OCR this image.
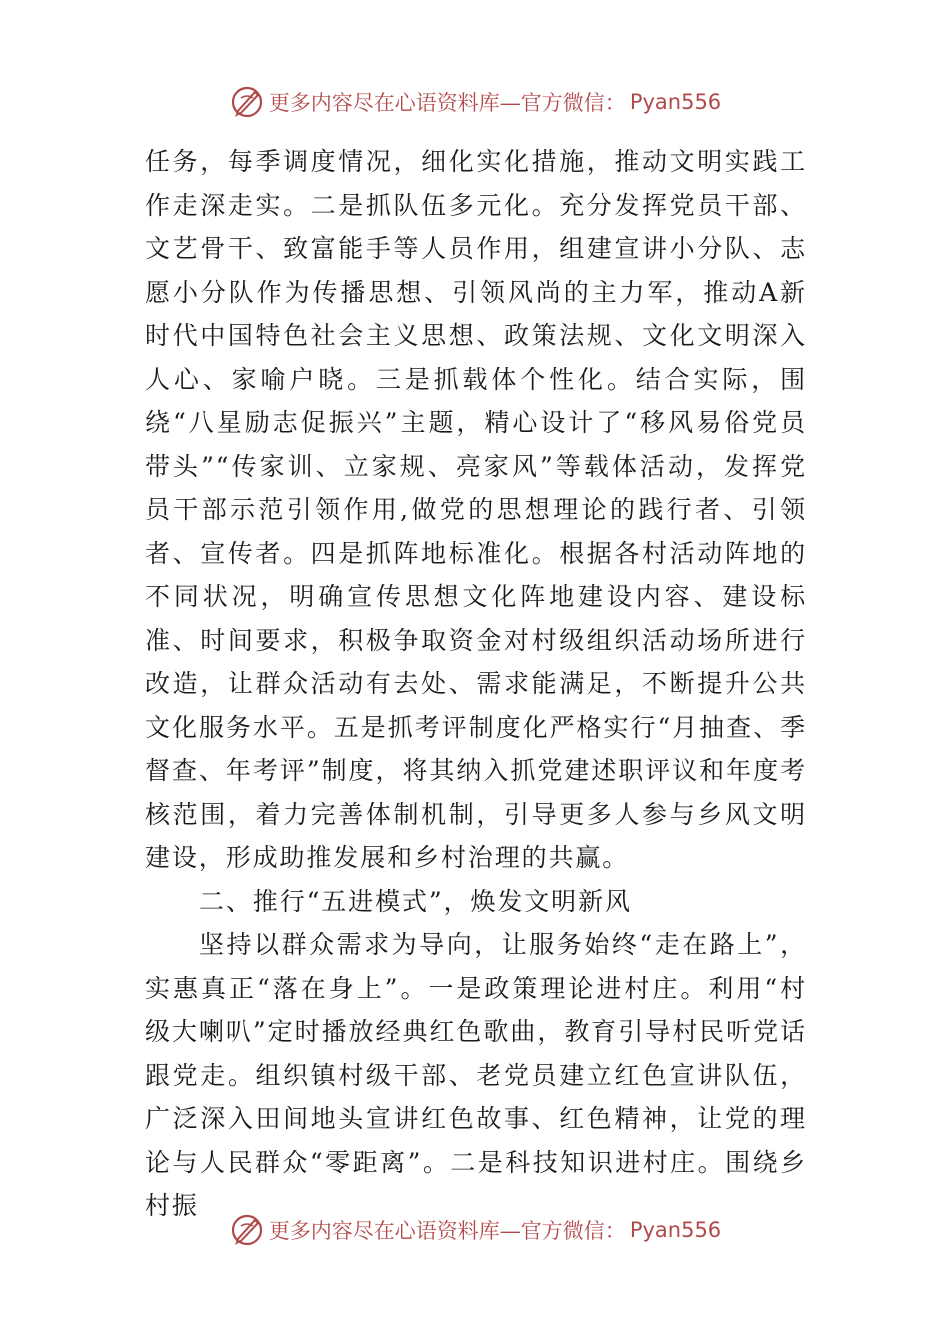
更多内容尽在心语资料库—官方微信： Pyan556

任务，每季调度情况，细化实化措施，推动文明实践工作走深走实。二是抓队伍多元化。充分发挥党员干部、文艺骨干、致富能手等人员作用，组建宣讲小分队、志愿小分队作为传播思想、引领风尚的主力军，推动A新时代中国特色社会主义思想、政策法规、文化文明深入人心、家喻户晓。三是抓载体个性化。结合实际，围绕“八星励志促振兴”主题，精心设计了“移风易俗党员带头”“传家训、立家规、亮家风”等载体活动，发挥党员干部示范引领作用,做党的思想理论的践行者、引领者、宣传者。四是抓阵地标准化。根据各村活动阵地的不同状况，明确宣传思想文化阵地建设内容、建设标准、时间要求，积极争取资金对村级组织活动场所进行改造，让群众活动有去处、需求能满足，不断提升公共文化服务水平。五是抓考评制度化严格实行“月抽查、季督查、年考评”制度，将其纳入抓党建述职评议和年度考核范围，着力完善体制机制，引导更多人参与乡风文明建设，形成助推发展和乡村治理的共赢。

二、推行“五进模式”，焕发文明新风

坚持以群众需求为导向，让服务始终“走在路上”，实惠真正“落在身上”。一是政策理论进村庄。利用“村级大喇叭”定时播放经典红色歌曲，教育引导村民听党话跟党走。组织镇村级干部、老党员建立红色宣讲队伍，广泛深入田间地头宣讲红色故事、红色精神，让党的理论与人民群众“零距离”。二是科技知识进村庄。围绕乡村振

更多内容尽在心语资料库—官方微信： Pyan556
